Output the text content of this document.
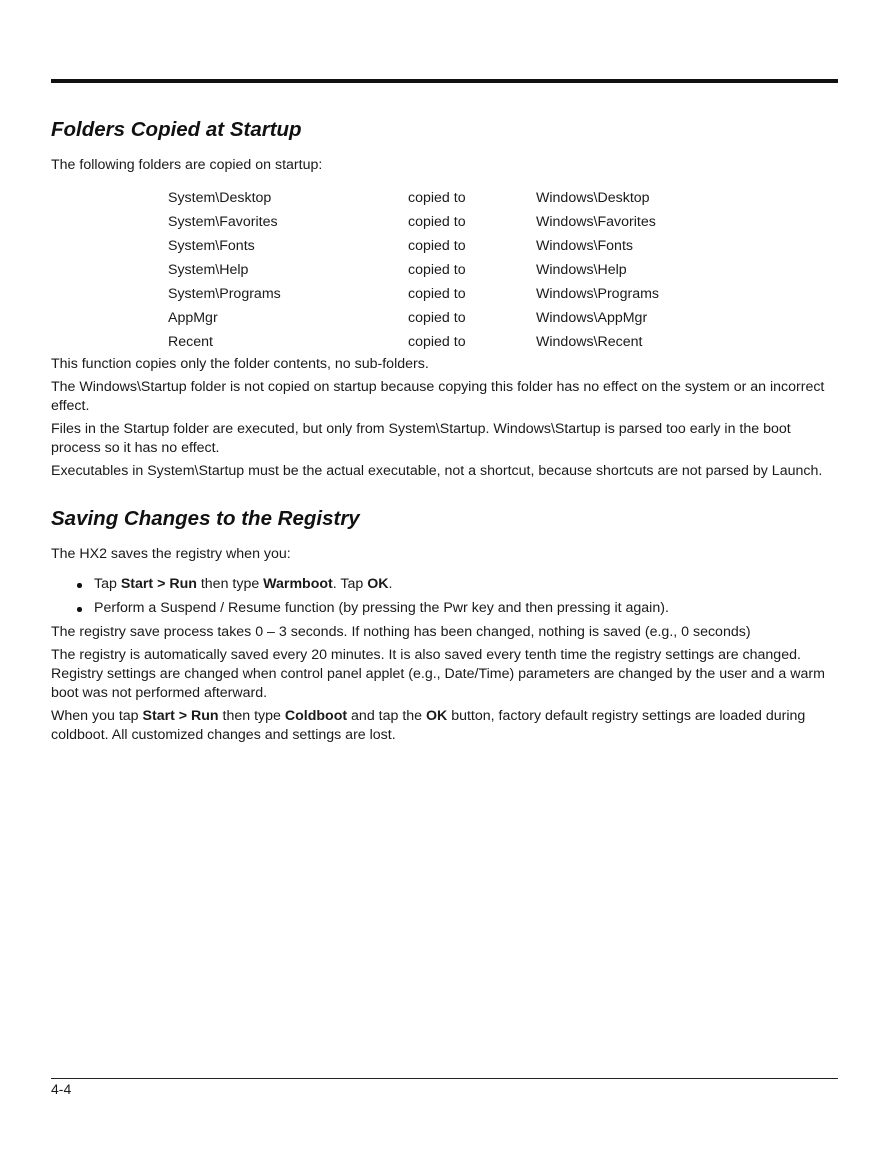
Folders Copied at Startup

The following folders are copied on startup:

System\Desktop	copied to	Windows\Desktop
System\Favorites	copied to	Windows\Favorites
System\Fonts	copied to	Windows\Fonts
System\Help	copied to	Windows\Help
System\Programs	copied to	Windows\Programs
AppMgr	copied to	Windows\AppMgr
Recent	copied to	Windows\Recent

This function copies only the folder contents, no sub-folders.

The Windows\Startup folder is not copied on startup because copying this folder has no effect on the system or an incorrect effect.

Files in the Startup folder are executed, but only from System\Startup. Windows\Startup is parsed too early in the boot process so it has no effect.

Executables in System\Startup must be the actual executable, not a shortcut, because shortcuts are not parsed by Launch.

Saving Changes to the Registry

The HX2 saves the registry when you:

Tap Start > Run then type Warmboot. Tap OK.
Perform a Suspend / Resume function (by pressing the Pwr key and then pressing it again).

The registry save process takes 0 – 3 seconds. If nothing has been changed, nothing is saved (e.g., 0 seconds)

The registry is automatically saved every 20 minutes. It is also saved every tenth time the registry settings are changed. Registry settings are changed when control panel applet (e.g., Date/Time) parameters are changed by the user and a warm boot was not performed afterward.

When you tap Start > Run then type Coldboot and tap the OK button, factory default registry settings are loaded during coldboot. All customized changes and settings are lost.

4-4
